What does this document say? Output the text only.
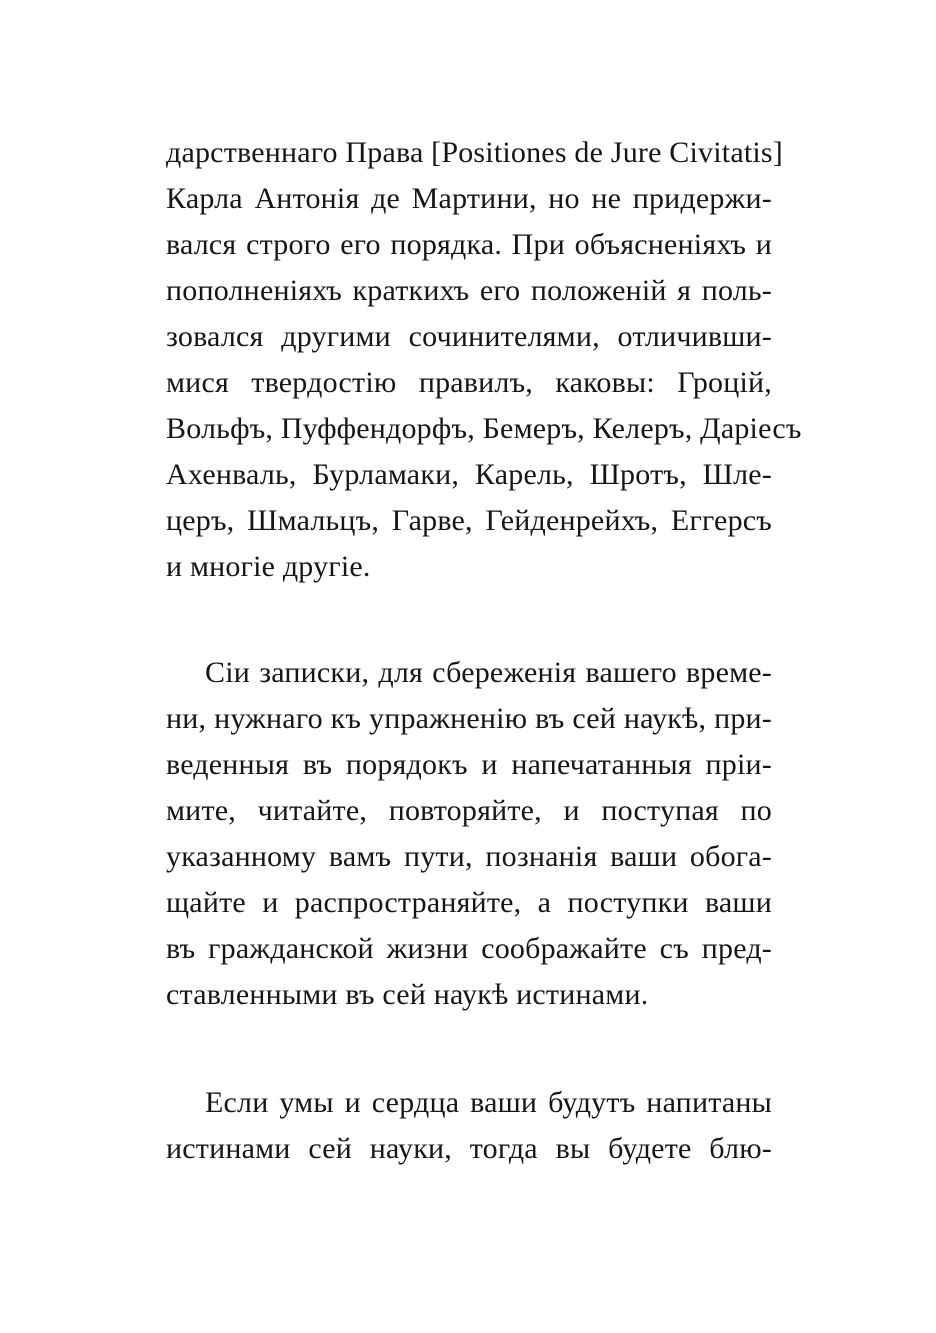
дарственнаго Права [Positiones de Jure Civitatis]
Карла Антонія де Мартини, но не придержи-
вался строго его порядка. При объясненіяхъ и
пополненіяхъ краткихъ его положеній я поль-
зовался другими сочинителями, отличивши-
мися твердостію правилъ, каковы: Гроцій,
Вольфъ, Пуффендорфъ, Бемеръ, Келеръ, Даріесъ
Ахенваль, Бурламаки, Карель, Шротъ, Шле-
церъ, Шмальцъ, Гарве, Гейденрейхъ, Еггерсъ
и многіе другіе.
Сіи записки, для сбереженія вашего време-
ни, нужнаго къ упражненію въ сей наукѣ, при-
веденныя въ порядокъ и напечатанныя пріи-
мите, читайте, повторяйте, и поступая по
указанному вамъ пути, познанія ваши обога-
щайте и распространяйте, а поступки ваши
въ гражданской жизни соображайте съ пред-
ставленными въ сей наукѣ истинами.
Если умы и сердца ваши будутъ напитаны
истинами сей науки, тогда вы будете блю-
